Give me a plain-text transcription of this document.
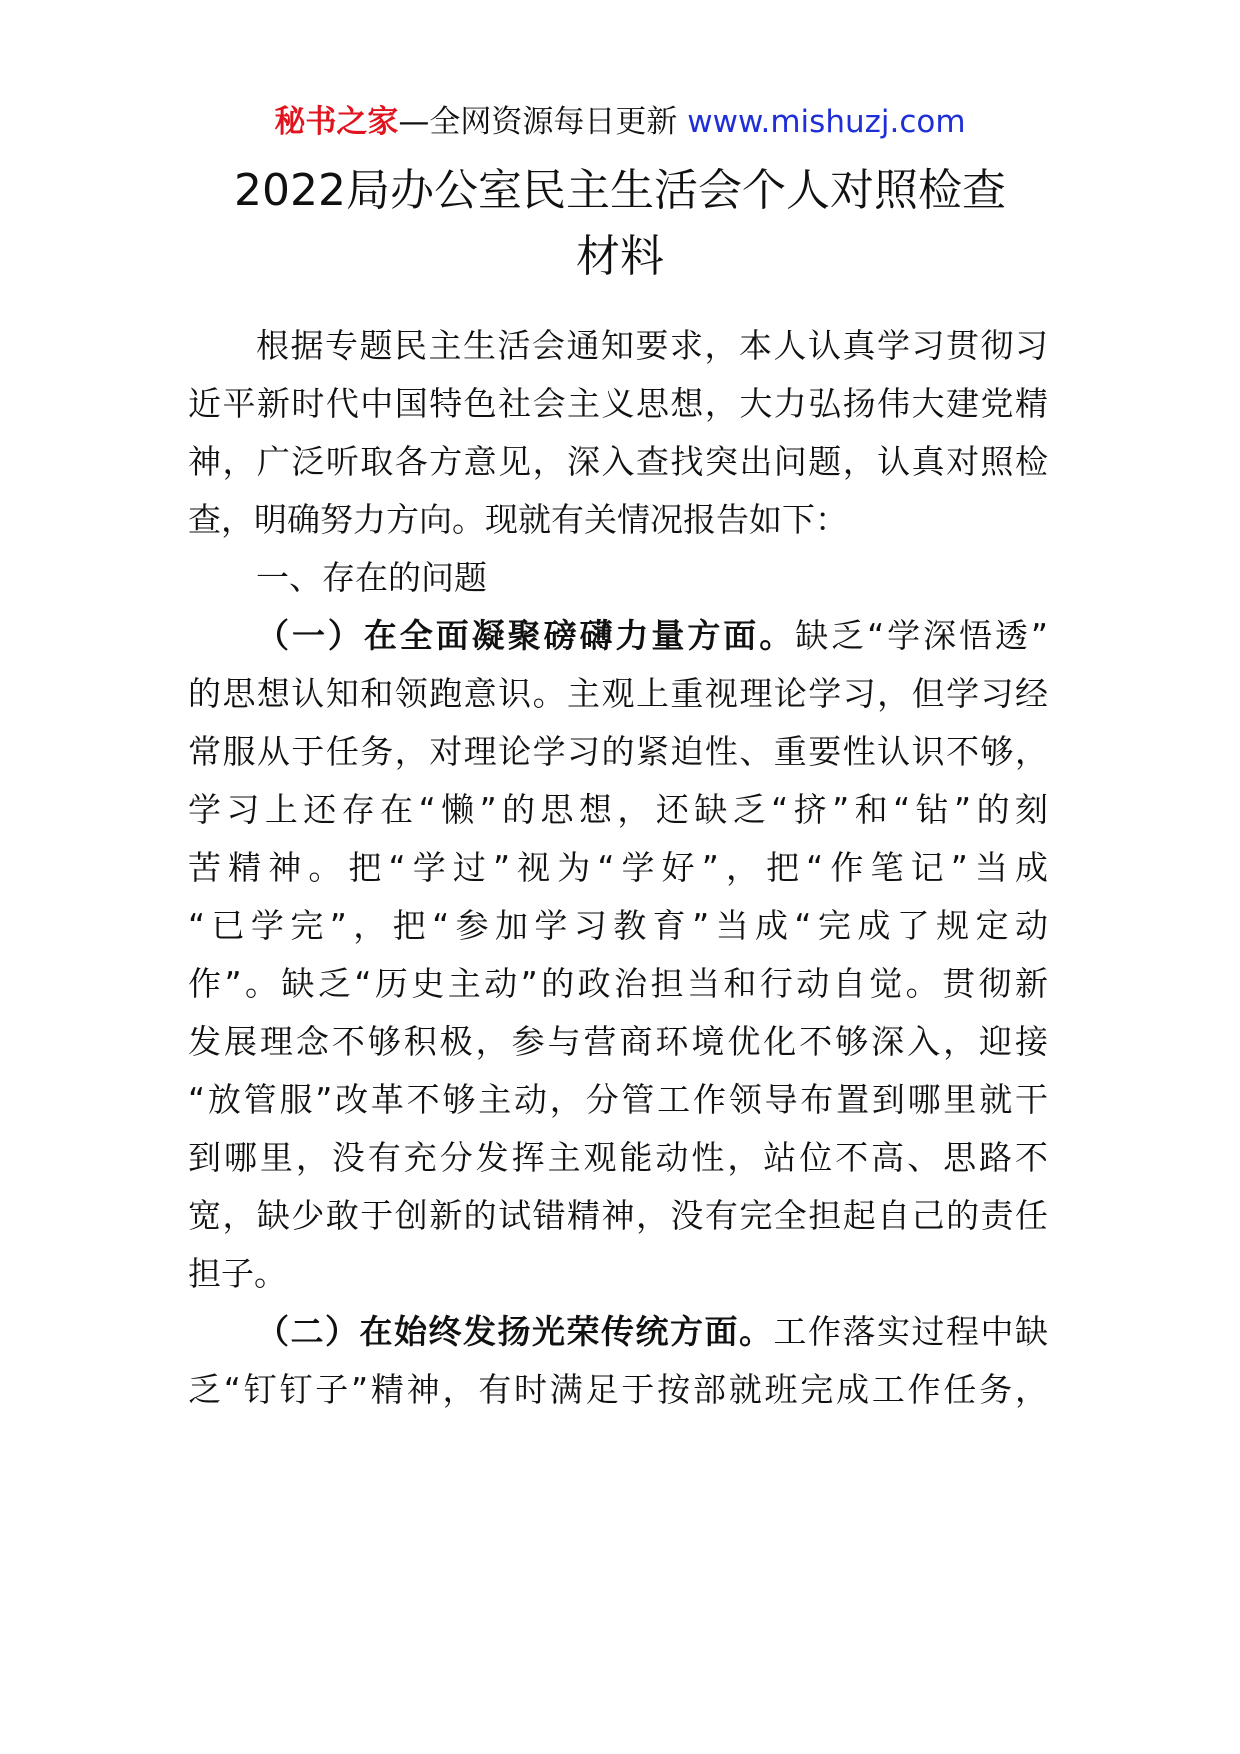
秘书之家—全网资源每日更新 www.mishuzj.com
2022局办公室民主生活会个人对照检查
材料
根据专题民主生活会通知要求，本人认真学习贯彻习
近平新时代中国特色社会主义思想，大力弘扬伟大建党精
神，广泛听取各方意见，深入查找突出问题，认真对照检
查，明确努力方向。现就有关情况报告如下：
一、存在的问题
（一）在全面凝聚磅礴力量方面。缺乏“学深悟透”
的思想认知和领跑意识。主观上重视理论学习，但学习经
常服从于任务，对理论学习的紧迫性、重要性认识不够，
学习上还存在“懒”的思想，还缺乏“挤”和“钻”的刻
苦精神。把“学过”视为“学好”，把“作笔记”当成
“已学完”，把“参加学习教育”当成“完成了规定动
作”。缺乏“历史主动”的政治担当和行动自觉。贯彻新
发展理念不够积极，参与营商环境优化不够深入，迎接
“放管服”改革不够主动，分管工作领导布置到哪里就干
到哪里，没有充分发挥主观能动性，站位不高、思路不
宽，缺少敢于创新的试错精神，没有完全担起自己的责任
担子。
（二）在始终发扬光荣传统方面。工作落实过程中缺
乏“钉钉子”精神，有时满足于按部就班完成工作任务，
